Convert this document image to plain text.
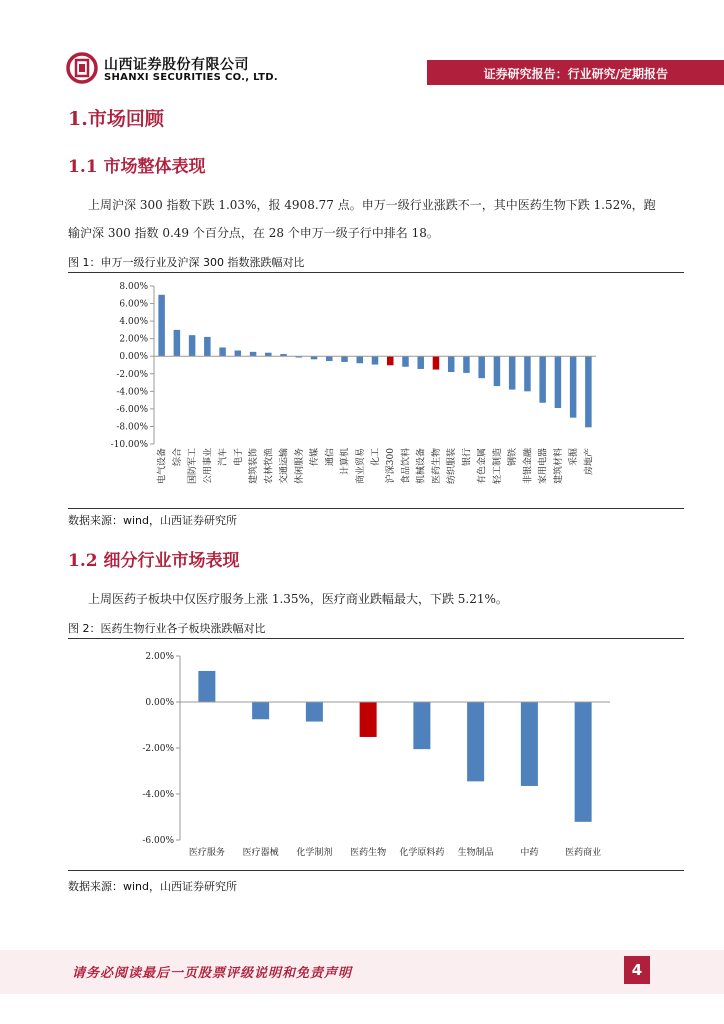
山西证券股份有限公司
SHANXI SECURITIES CO., LTD.	证券研究报告：行业研究/定期报告
1.市场回顾
1.1 市场整体表现
上周沪深 300 指数下跌 1.03%，报 4908.77 点。申万一级行业涨跌不一，其中医药生物下跌 1.52%，跑
输沪深 300 指数 0.49 个百分点，在 28 个申万一级子行中排名 18。
图 1：申万一级行业及沪深 300 指数涨跌幅对比
8.00%
6.00%
4.00%
2.00%
0.00%
-2.00%
-4.00%
-6.00%
-8.00%
-10.00%
电气设备 综合 国防军工 公用事业 汽车 电子 建筑装饰 农林牧渔 交通运输 休闲服务 传媒 通信 计算机 商业贸易 化工 沪深300 食品饮料 机械设备 医药生物 纺织服装 银行 有色金属 轻工制造 钢铁 非银金融 家用电器 建筑材料 采掘 房地产
数据来源：wind，山西证券研究所
1.2 细分行业市场表现
上周医药子板块中仅医疗服务上涨 1.35%，医疗商业跌幅最大，下跌 5.21%。
图 2：医药生物行业各子板块涨跌幅对比
2.00%
0.00%
-2.00%
-4.00%
-6.00%
医疗服务 医疗器械 化学制剂 医药生物 化学原料药 生物制品	中药	医药商业
数据来源：wind，山西证券研究所
请务必阅读最后一页股票评级说明和免责声明	4
